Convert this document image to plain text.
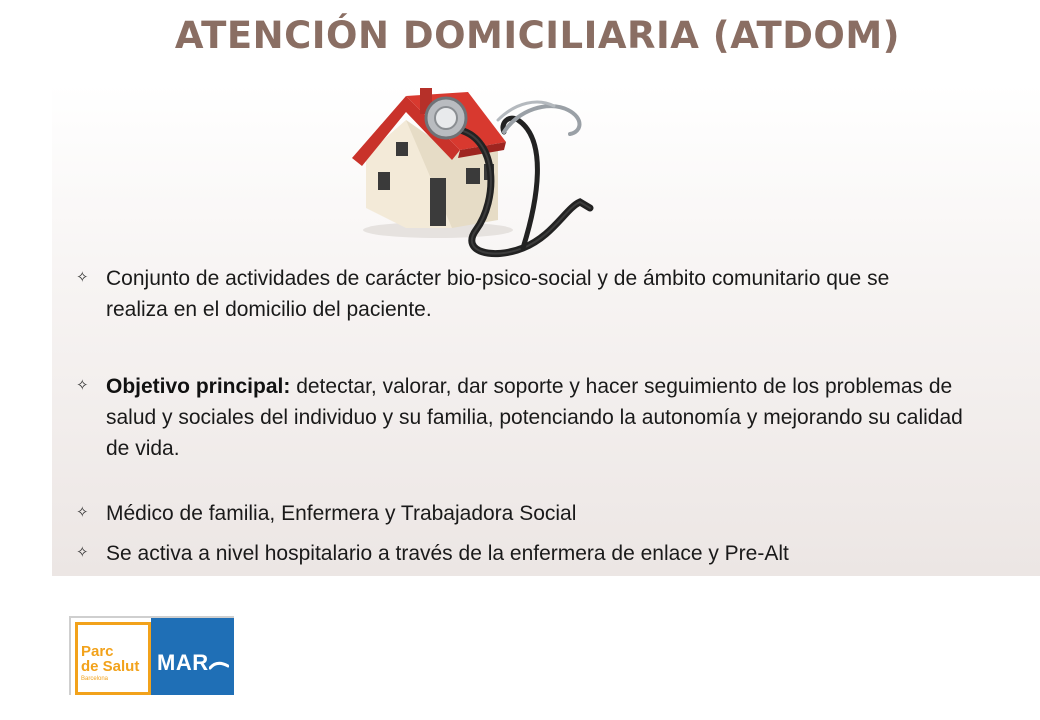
ATENCIÓN DOMICILIARIA (ATDOM)
✧ Conjunto de actividades de carácter bio-psico-social y de ámbito comunitario que se realiza en el domicilio del paciente.
✧ Objetivo principal: detectar, valorar, dar soporte y hacer seguimiento de los problemas de salud y sociales del individuo y su familia, potenciando la autonomía y mejorando su calidad de vida.
✧ Médico de familia, Enfermera y Trabajadora Social
✧ Se activa a nivel hospitalario a través de la enfermera de enlace y Pre-Alt
Parc
de Salut
Barcelona
MAR
